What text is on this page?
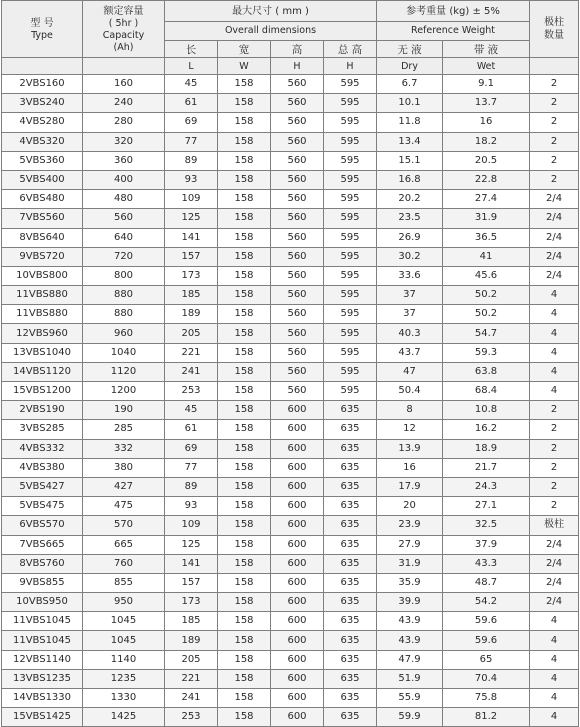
型 号
Type	额定容量
( 5hr )
Capacity
(Ah)	最大尺寸 ( mm )				参考重量 (kg) ± 5%		极柱
数量

		Overall dimensions				Reference Weight		

		长	宽	高	总 高	无 液	带 液	
		L	W	H	H	Dry	Wet	
2VBS160	160	45	158	560	595	6.7	9.1	2
3VBS240	240	61	158	560	595	10.1	13.7	2
4VBS280	280	69	158	560	595	11.8	16	2
4VBS320	320	77	158	560	595	13.4	18.2	2
5VBS360	360	89	158	560	595	15.1	20.5	2
5VBS400	400	93	158	560	595	16.8	22.8	2
6VBS480	480	109	158	560	595	20.2	27.4	2/4
7VBS560	560	125	158	560	595	23.5	31.9	2/4
8VBS640	640	141	158	560	595	26.9	36.5	2/4
9VBS720	720	157	158	560	595	30.2	41	2/4
10VBS800	800	173	158	560	595	33.6	45.6	2/4
11VBS880	880	185	158	560	595	37	50.2	4
11VBS880	880	189	158	560	595	37	50.2	4
12VBS960	960	205	158	560	595	40.3	54.7	4
13VBS1040	1040	221	158	560	595	43.7	59.3	4
14VBS1120	1120	241	158	560	595	47	63.8	4
15VBS1200	1200	253	158	560	595	50.4	68.4	4
2VBS190	190	45	158	600	635	8	10.8	2
3VBS285	285	61	158	600	635	12	16.2	2
4VBS332	332	69	158	600	635	13.9	18.9	2
4VBS380	380	77	158	600	635	16	21.7	2
5VBS427	427	89	158	600	635	17.9	24.3	2
5VBS475	475	93	158	600	635	20	27.1	2
6VBS570	570	109	158	600	635	23.9	32.5	极柱
7VBS665	665	125	158	600	635	27.9	37.9	2/4
8VBS760	760	141	158	600	635	31.9	43.3	2/4
9VBS855	855	157	158	600	635	35.9	48.7	2/4
10VBS950	950	173	158	600	635	39.9	54.2	2/4
11VBS1045	1045	185	158	600	635	43.9	59.6	4
11VBS1045	1045	189	158	600	635	43.9	59.6	4
12VBS1140	1140	205	158	600	635	47.9	65	4
13VBS1235	1235	221	158	600	635	51.9	70.4	4
14VBS1330	1330	241	158	600	635	55.9	75.8	4
15VBS1425	1425	253	158	600	635	59.9	81.2	4
